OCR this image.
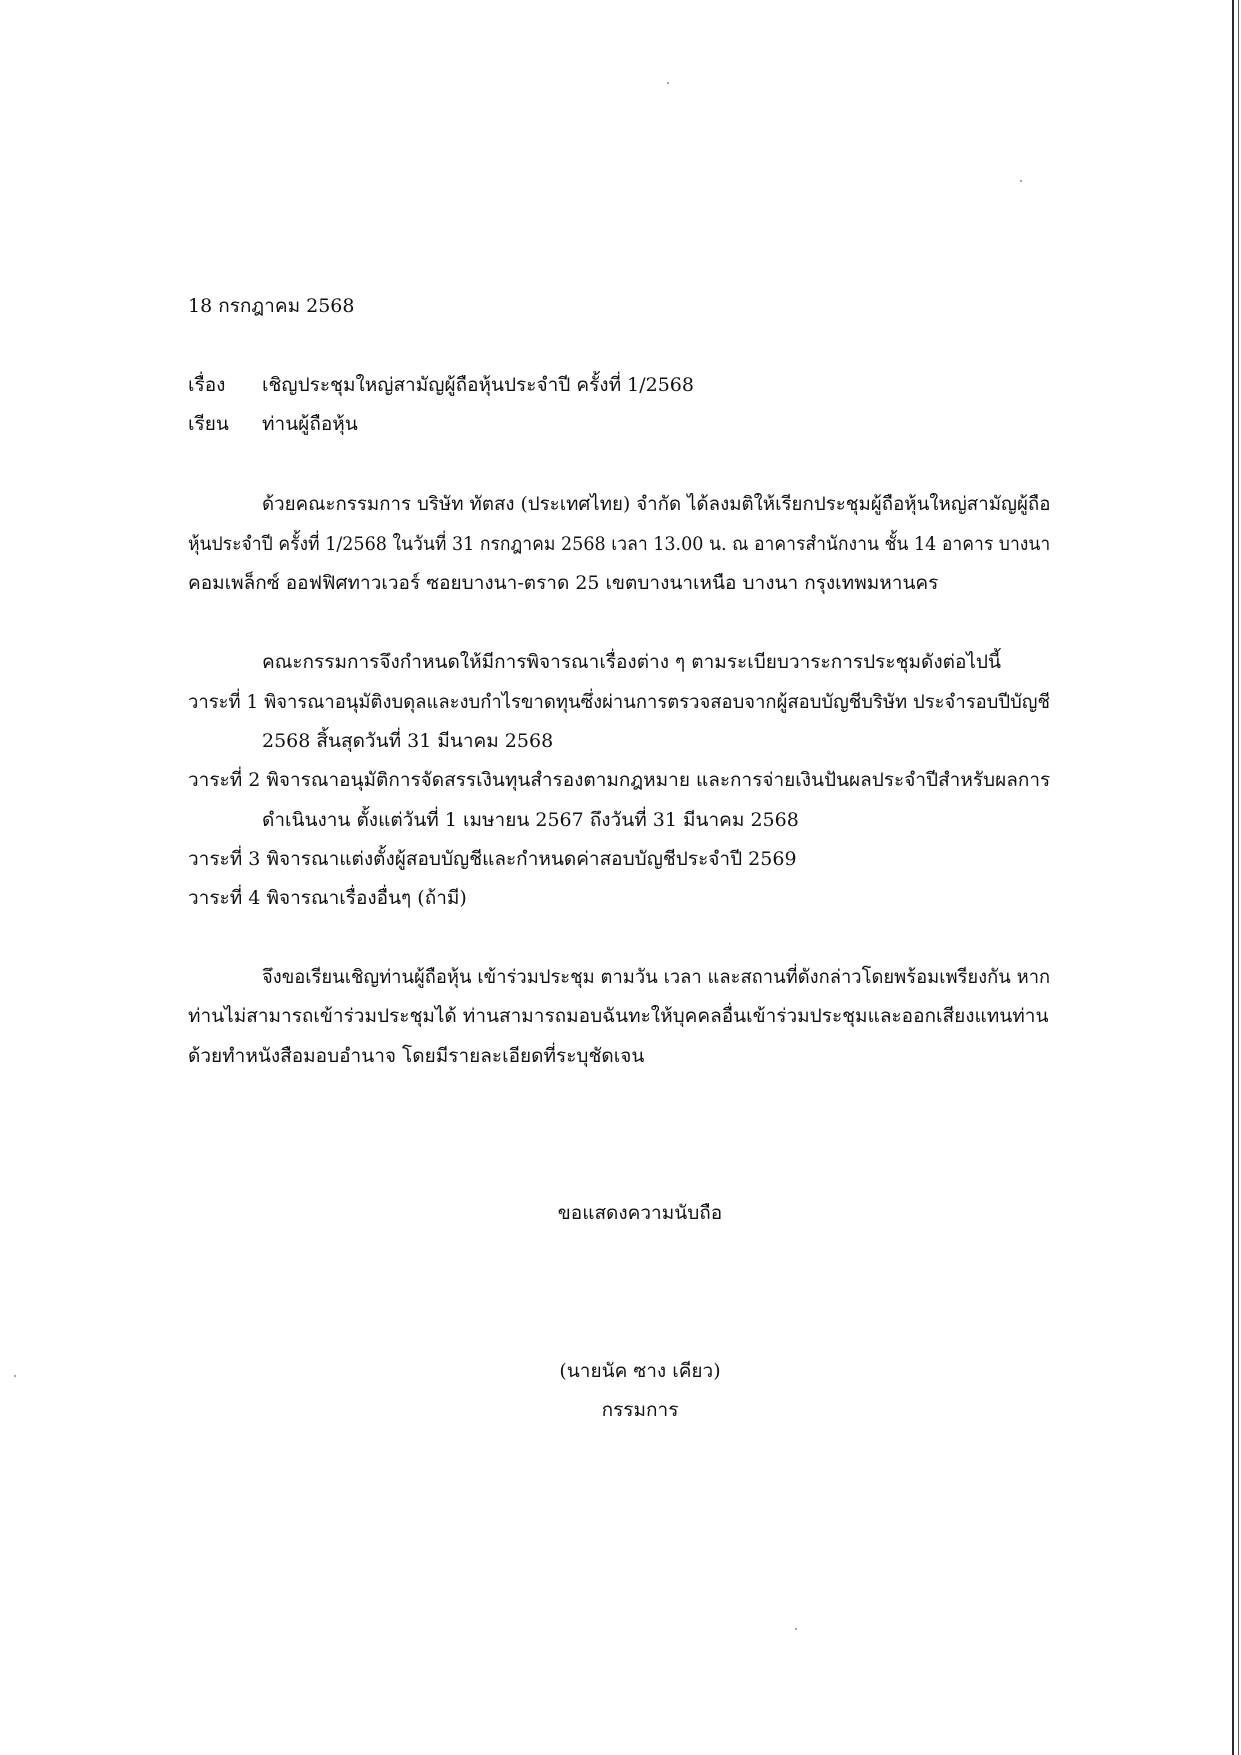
18 กรกฎาคม 2568
เรื่อง เชิญประชุมใหญ่สามัญผู้ถือหุ้นประจำปี ครั้งที่ 1/2568
เรียน ท่านผู้ถือหุ้น
ด้วยคณะกรรมการ บริษัท ทัตสง (ประเทศไทย) จำกัด ได้ลงมติให้เรียกประชุมผู้ถือหุ้นใหญ่สามัญผู้ถือ
หุ้นประจำปี ครั้งที่ 1/2568 ในวันที่ 31 กรกฎาคม 2568 เวลา 13.00 น. ณ อาคารสำนักงาน ชั้น 14 อาคาร บางนา
คอมเพล็กซ์ ออฟฟิศทาวเวอร์ ซอยบางนา-ตราด 25 เขตบางนาเหนือ บางนา กรุงเทพมหานคร
คณะกรรมการจึงกำหนดให้มีการพิจารณาเรื่องต่าง ๆ ตามระเบียบวาระการประชุมดังต่อไปนี้
วาระที่ 1 พิจารณาอนุมัติงบดุลและงบกำไรขาดทุนซึ่งผ่านการตรวจสอบจากผู้สอบบัญชีบริษัท ประจำรอบปีบัญชี
2568 สิ้นสุดวันที่ 31 มีนาคม 2568
วาระที่ 2 พิจารณาอนุมัติการจัดสรรเงินทุนสำรองตามกฎหมาย และการจ่ายเงินปันผลประจำปีสำหรับผลการ
ดำเนินงาน ตั้งแต่วันที่ 1 เมษายน 2567 ถึงวันที่ 31 มีนาคม 2568
วาระที่ 3 พิจารณาแต่งตั้งผู้สอบบัญชีและกำหนดค่าสอบบัญชีประจำปี 2569
วาระที่ 4 พิจารณาเรื่องอื่นๆ (ถ้ามี)
จึงขอเรียนเชิญท่านผู้ถือหุ้น เข้าร่วมประชุม ตามวัน เวลา และสถานที่ดังกล่าวโดยพร้อมเพรียงกัน หาก
ท่านไม่สามารถเข้าร่วมประชุมได้ ท่านสามารถมอบฉันทะให้บุคคลอื่นเข้าร่วมประชุมและออกเสียงแทนท่าน
ด้วยทำหนังสือมอบอำนาจ โดยมีรายละเอียดที่ระบุชัดเจน
ขอแสดงความนับถือ
(นายนัค ซาง เคียว)
กรรมการ
